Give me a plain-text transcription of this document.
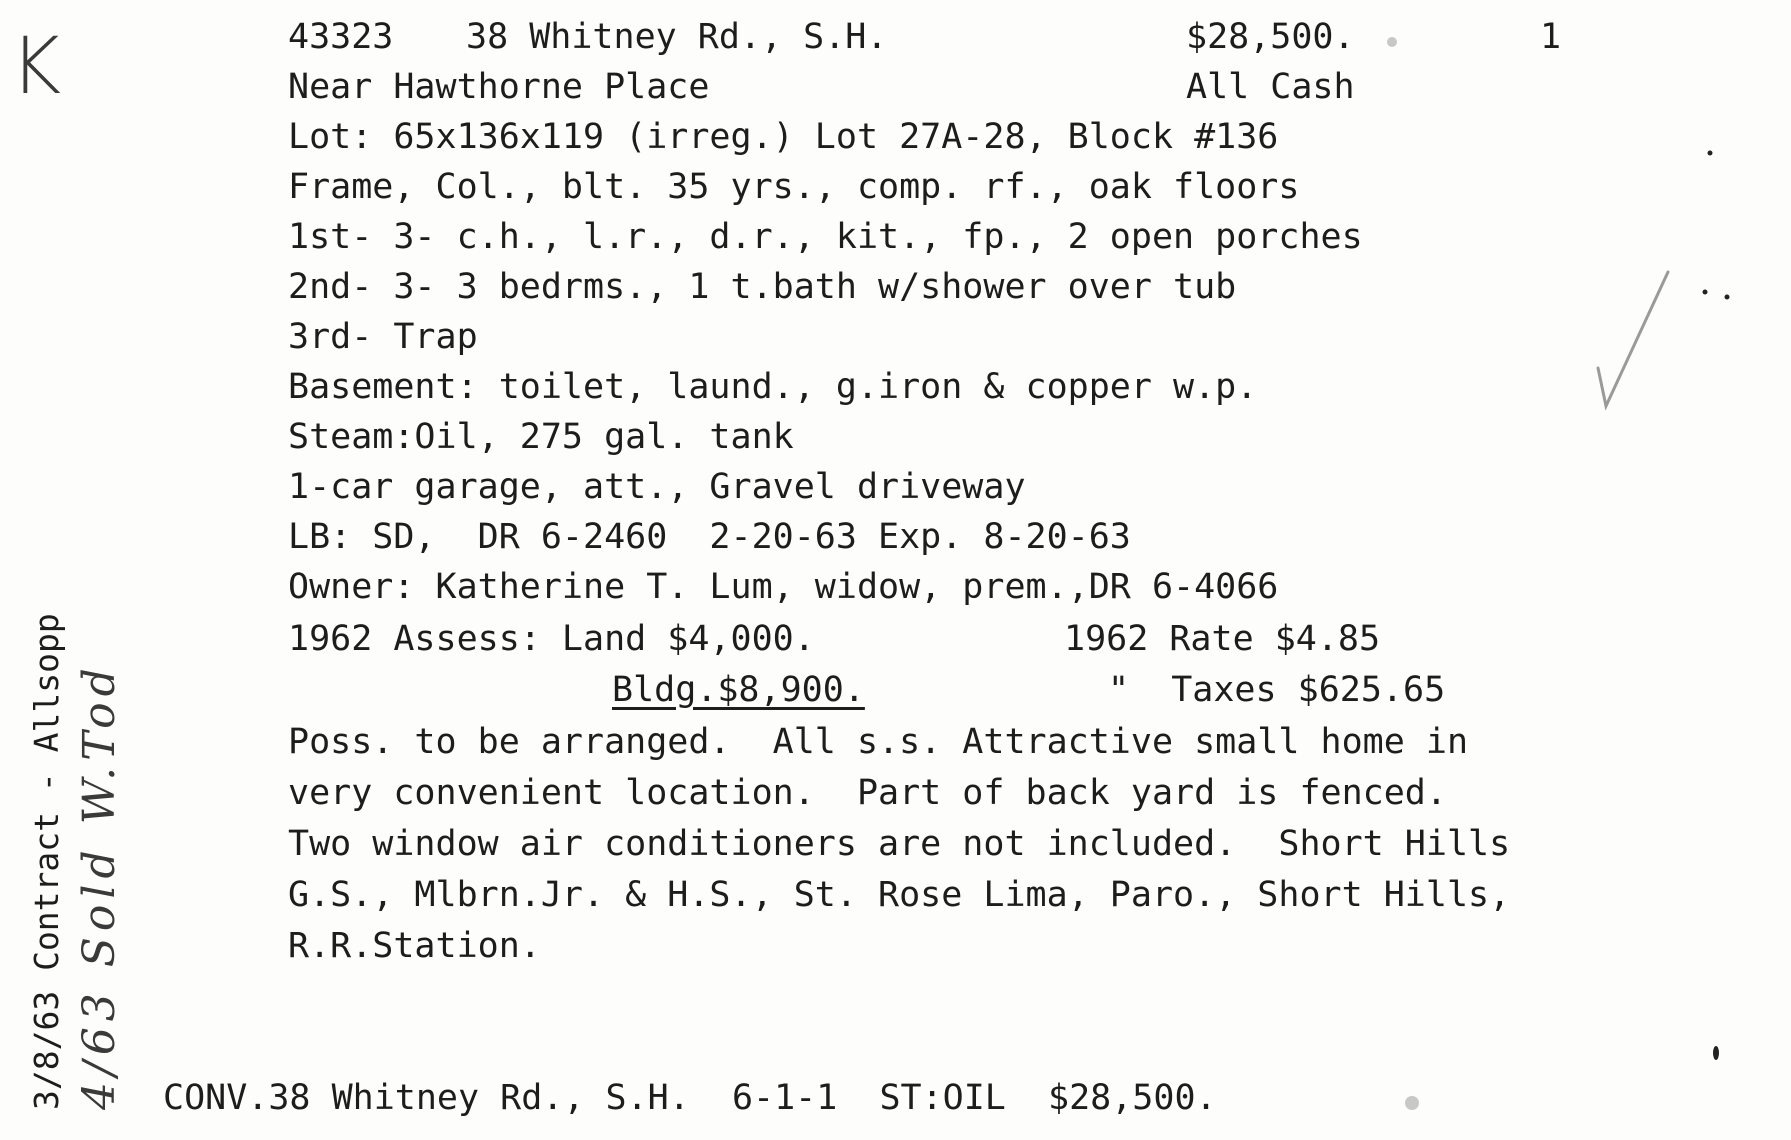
K	43323 38 Whitney Rd., S.H.	$28,500.	1
Near Hawthorne Place	All Cash
Lot: 65x136x119 (irreg.) Lot 27A-28, Block #136
Frame, Col., blt. 35 yrs., comp. rf., oak floors
1st- 3- c.h., l.r., d.r., kit., fp., 2 open porches
2nd- 3- 3 bedrms., 1 t.bath w/shower over tub
3rd- Trap
Basement: toilet, laund., g.iron & copper w.p.
Steam:Oil, 275 gal. tank
1-car garage, att., Gravel driveway
LB: SD,  DR 6-2460  2-20-63 Exp. 8-20-63
Owner: Katherine T. Lum, widow, prem.,DR 6-4066
1962 Assess: Land $4,000.	1962 Rate $4.85
Bldg.$8,900.	"  Taxes $625.65
Poss. to be arranged.  All s.s. Attractive small home in
very convenient location.  Part of back yard is fenced.
Two window air conditioners are not included.  Short Hills
G.S., Mlbrn.Jr. & H.S., St. Rose Lima, Paro., Short Hills,
R.R.Station.
3/8/63 Contract - Allsopp 4/63 Sold W.Tod CONV.38 Whitney Rd., S.H.  6-1-1  ST:OIL  $28,500.
